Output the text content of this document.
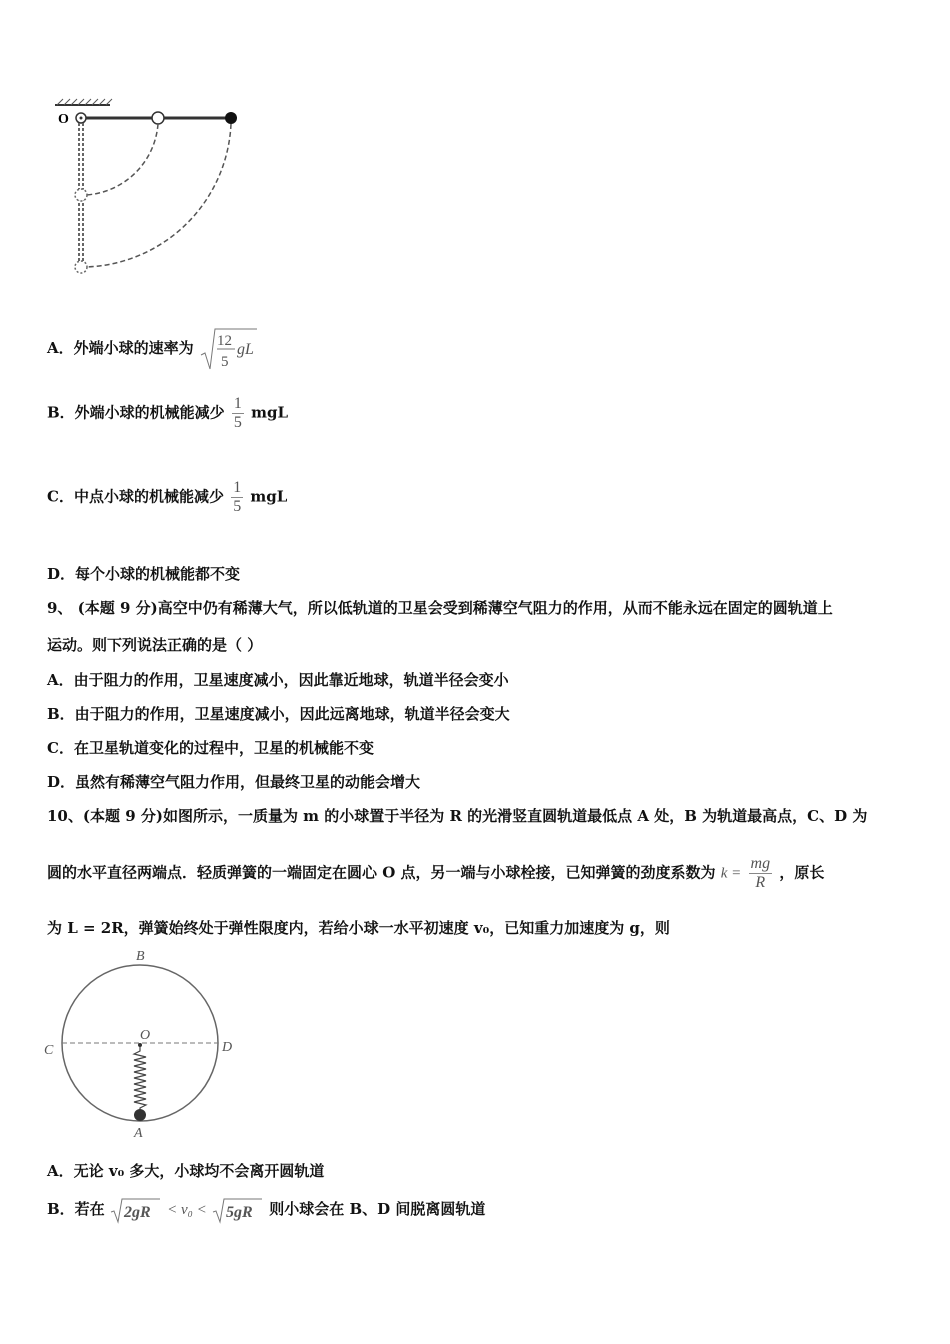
O
A．外端小球的速率为 12
5
gL
B．外端小球的机械能减少 $\frac{1}{5}$ mgL
C．中点小球的机械能减少 $\frac{1}{5}$ mgL
D．每个小球的机械能都不变
9、 (本题 9 分)高空中仍有稀薄大气，所以低轨道的卫星会受到稀薄空气阻力的作用，从而不能永远在固定的圆轨道上
运动。则下列说法正确的是（ ）
A．由于阻力的作用，卫星速度减小，因此靠近地球，轨道半径会变小
B．由于阻力的作用，卫星速度减小，因此远离地球，轨道半径会变大
C．在卫星轨道变化的过程中，卫星的机械能不变
D．虽然有稀薄空气阻力作用，但最终卫星的动能会增大
10、(本题 9 分)如图所示，一质量为 m 的小球置于半径为 R 的光滑竖直圆轨道最低点 A 处，B 为轨道最高点，C、D 为
圆的水平直径两端点．轻质弹簧的一端固定在圆心 O 点，另一端与小球栓接，已知弹簧的劲度系数为 $k = \frac{mg}{R}$ ，原长
为 L = 2R，弹簧始终处于弹性限度内，若给小球一水平初速度 v₀，已知重力加速度为 g，则
B
C	D
O
A
A．无论 v₀ 多大，小球均不会离开圆轨道
B．若在 2gR < v₀ < 5gR 则小球会在 B、D 间脱离圆轨道
